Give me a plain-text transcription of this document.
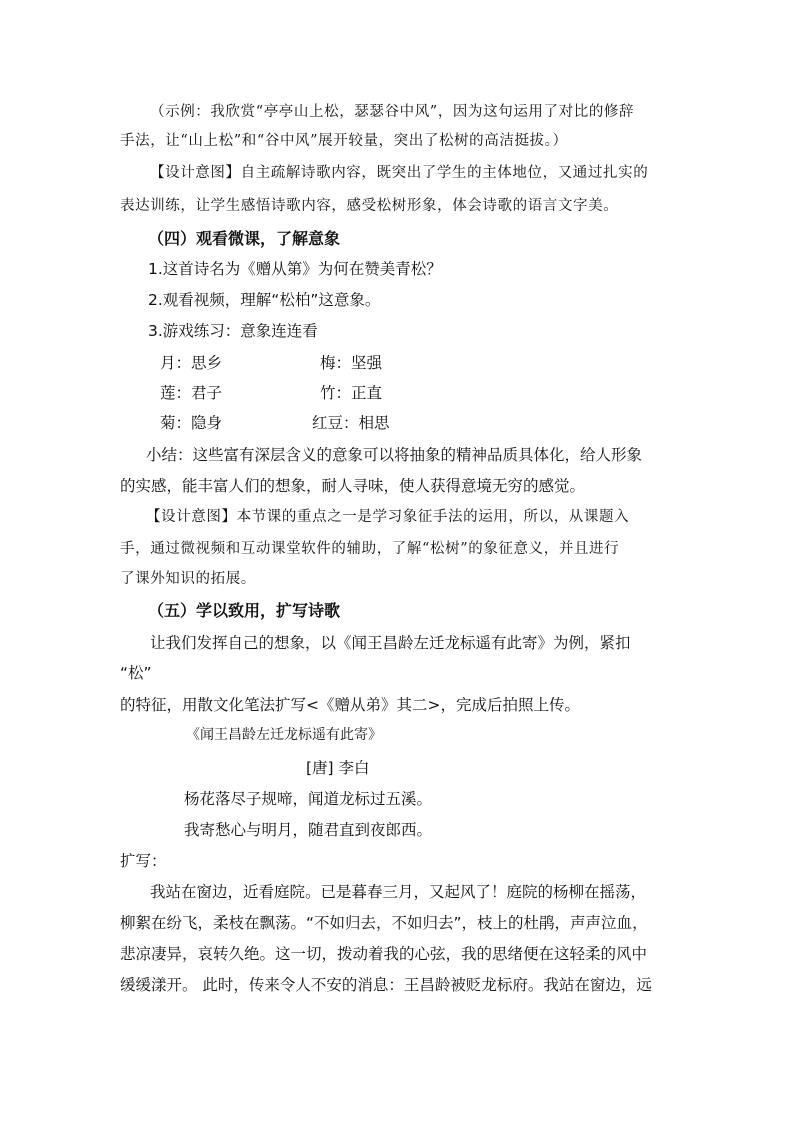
（示例：我欣赏“亭亭山上松，瑟瑟谷中风”，因为这句运用了对比的修辞
手法，让“山上松”和“谷中风”展开较量，突出了松树的高洁挺拔。）
【设计意图】自主疏解诗歌内容，既突出了学生的主体地位，又通过扎实的
表达训练，让学生感悟诗歌内容，感受松树形象，体会诗歌的语言文字美。
（四）观看微课，了解意象
1.这首诗名为《赠从第》为何在赞美青松？
2.观看视频，理解“松柏”这意象。
3.游戏练习：意象连连看
月：思乡	梅：坚强
莲：君子	竹：正直
菊：隐身	红豆：相思
小结：这些富有深层含义的意象可以将抽象的精神品质具体化，给人形象
的实感，能丰富人们的想象，耐人寻味，使人获得意境无穷的感觉。
【设计意图】本节课的重点之一是学习象征手法的运用，所以，从课题入
手，通过微视频和互动课堂软件的辅助，了解“松树”的象征意义，并且进行
了课外知识的拓展。
（五）学以致用，扩写诗歌
让我们发挥自己的想象，以《闻王昌龄左迁龙标遥有此寄》为例，紧扣
“松”
的特征，用散文化笔法扩写<《赠从弟》其二>，完成后拍照上传。
《闻王昌龄左迁龙标遥有此寄》
[唐] 李白
杨花落尽子规啼，闻道龙标过五溪。
我寄愁心与明月，随君直到夜郎西。
扩写：
我站在窗边，近看庭院。已是暮春三月，又起风了！庭院的杨柳在摇荡，
柳絮在纷飞，柔枝在飘荡。“不如归去，不如归去”，枝上的杜鹃，声声泣血，
悲凉凄异，哀转久绝。这一切，拨动着我的心弦，我的思绪便在这轻柔的风中
缓缓漾开。 此时，传来令人不安的消息：王昌龄被贬龙标府。我站在窗边，远
